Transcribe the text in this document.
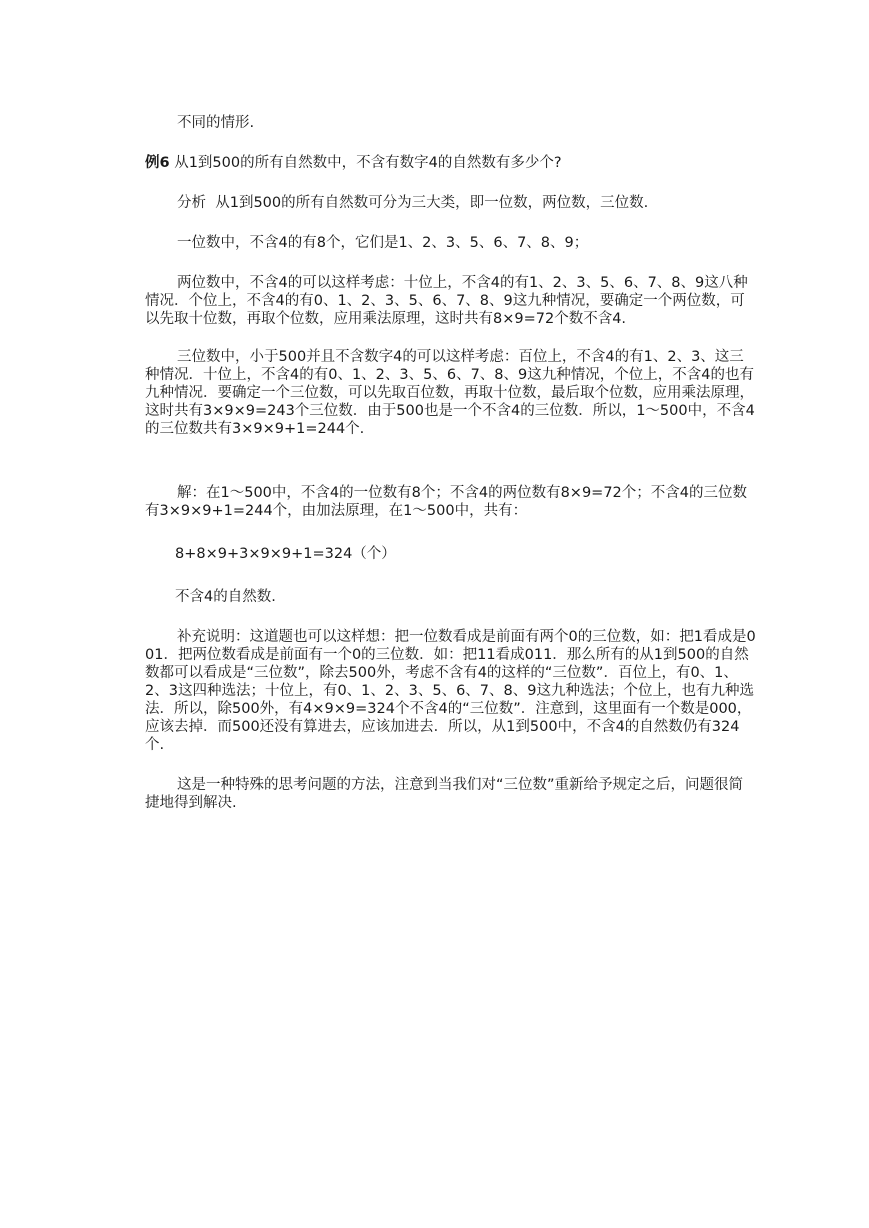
不同的情形.

例6 从1到500的所有自然数中，不含有数字4的自然数有多少个?

分析  从1到500的所有自然数可分为三大类，即一位数，两位数，三位数.

一位数中，不含4的有8个，它们是1、2、3、5、6、7、8、9；

两位数中，不含4的可以这样考虑：十位上，不含4的有1、2、3、5、6、7、8、9这八种情况．个位上，不含4的有0、1、2、3、5、6、7、8、9这九种情况，要确定一个两位数，可以先取十位数，再取个位数，应用乘法原理，这时共有8×9=72个数不含4.

三位数中，小于500并且不含数字4的可以这样考虑：百位上，不含4的有1、2、3、这三种情况．十位上，不含4的有0、1、2、3、5、6、7、8、9这九种情况，个位上，不含4的也有九种情况．要确定一个三位数，可以先取百位数，再取十位数，最后取个位数，应用乘法原理，这时共有3×9×9=243个三位数．由于500也是一个不含4的三位数．所以，1～500中，不含4的三位数共有3×9×9+1=244个.

解：在1～500中，不含4的一位数有8个；不含4的两位数有8×9=72个；不含4的三位数有3×9×9+1=244个，由加法原理，在1～500中，共有：

8+8×9+3×9×9+1=324（个）

不含4的自然数.

补充说明：这道题也可以这样想：把一位数看成是前面有两个0的三位数，如：把1看成是001．把两位数看成是前面有一个0的三位数．如：把11看成011．那么所有的从1到500的自然数都可以看成是“三位数”，除去500外，考虑不含有4的这样的“三位数”．百位上，有0、1、2、3这四种选法；十位上，有0、1、2、3、5、6、7、8、9这九种选法；个位上，也有九种选法．所以，除500外，有4×9×9=324个不含4的“三位数”．注意到，这里面有一个数是000，应该去掉．而500还没有算进去，应该加进去．所以，从1到500中，不含4的自然数仍有324个.

这是一种特殊的思考问题的方法，注意到当我们对“三位数”重新给予规定之后，问题很简捷地得到解决.
